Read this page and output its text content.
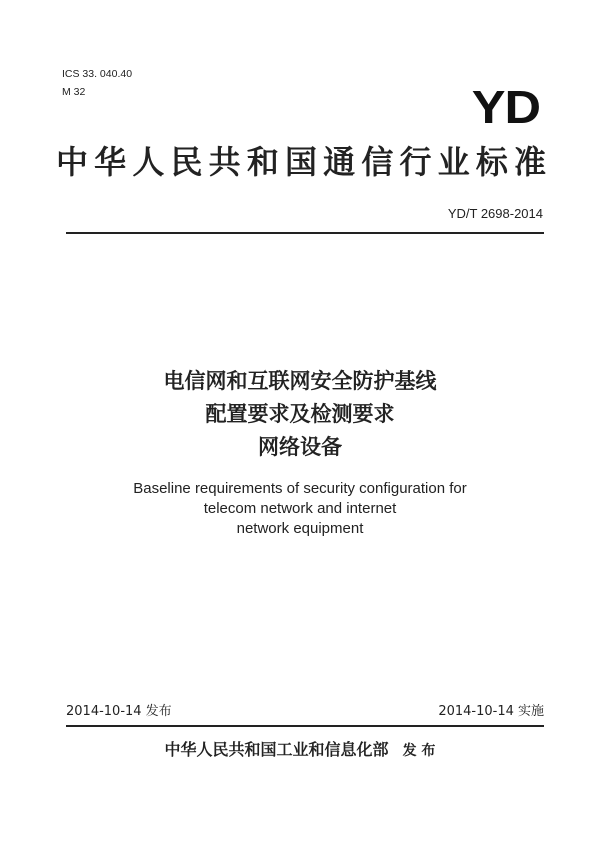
ICS 33. 040.40
M 32	YD
中华人民共和国通信行业标准
YD/T 2698-2014
电信网和互联网安全防护基线
配置要求及检测要求
网络设备
Baseline requirements of security configuration for
telecom network and internet
network equipment
2014-10-14 发布	2014-10-14 实施
中华人民共和国工业和信息化部 发 布
